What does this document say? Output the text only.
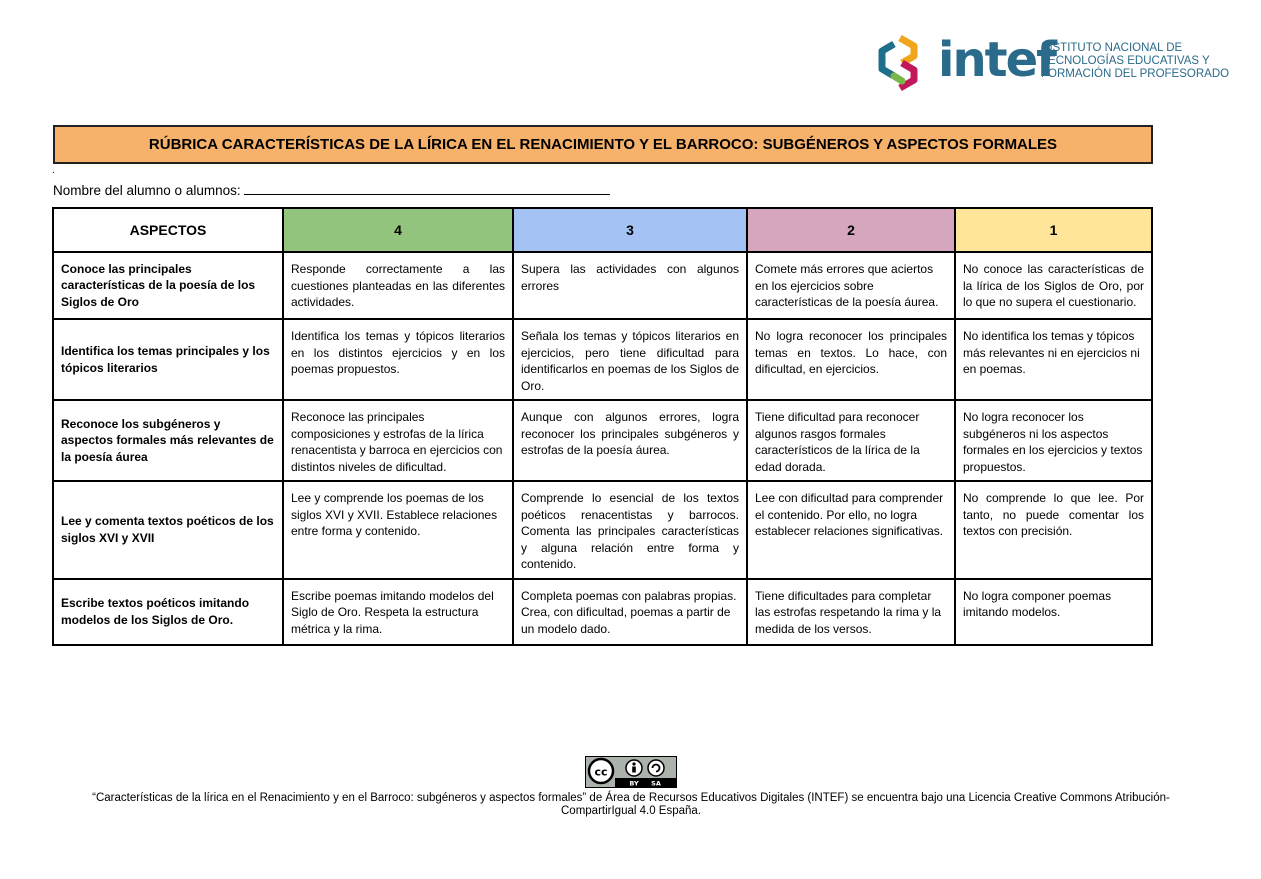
intef
INSTITUTO NACIONAL DE
TECNOLOGÍAS EDUCATIVAS Y
FORMACIÓN DEL PROFESORADO
RÚBRICA CARACTERÍSTICAS DE LA LÍRICA EN EL RENACIMIENTO Y EL BARROCO: SUBGÉNEROS Y ASPECTOS FORMALES
.
Nombre del alumno o alumnos:
ASPECTOS	4	3	2	1
Conoce las principales características de la poesía de los Siglos de Oro	Responde correctamente a las cuestiones planteadas en las diferentes actividades.	Supera las actividades con algunos errores	Comete más errores que aciertos en los ejercicios sobre características de la poesía áurea.	No conoce las características de la lírica de los Siglos de Oro, por lo que no supera el cuestionario.
Identifica los temas principales y los tópicos literarios	Identifica los temas y tópicos literarios en los distintos ejercicios y en los poemas propuestos.	Señala los temas y tópicos literarios en ejercicios, pero tiene dificultad para identificarlos en poemas de los Siglos de Oro.	No logra reconocer los principales temas en textos. Lo hace, con dificultad, en ejercicios.	No identifica los temas y tópicos más relevantes ni en ejercicios ni en poemas.
Reconoce los subgéneros y aspectos formales más relevantes de la poesía áurea	Reconoce las principales composiciones y estrofas de la lírica renacentista y barroca en ejercicios con distintos niveles de dificultad.	Aunque con algunos errores, logra reconocer los principales subgéneros y estrofas de la poesía áurea.	Tiene dificultad para reconocer algunos rasgos formales característicos de la lírica de la edad dorada.	No logra reconocer los subgéneros ni los aspectos formales en los ejercicios y textos propuestos.
Lee y comenta textos poéticos de los siglos XVI y XVII	Lee y comprende los poemas de los siglos XVI y XVII. Establece relaciones entre forma y contenido.	Comprende lo esencial de los textos poéticos renacentistas y barrocos. Comenta las principales características y alguna relación entre forma y contenido.	Lee con dificultad para comprender el contenido. Por ello, no logra establecer relaciones significativas.	No comprende lo que lee. Por tanto, no puede comentar los textos con precisión.
Escribe textos poéticos imitando modelos de los Siglos de Oro.	Escribe poemas imitando modelos del Siglo de Oro. Respeta la estructura métrica y la rima.	Completa poemas con palabras propias. Crea, con dificultad, poemas a partir de un modelo dado.	Tiene dificultades para completar las estrofas respetando la rima y la medida de los versos.	No logra componer poemas imitando modelos.
cc
BY SA
“Características de la lírica en el Renacimiento y en el Barroco: subgéneros y aspectos formales” de Área de Recursos Educativos Digitales (INTEF) se encuentra bajo una Licencia Creative Commons Atribución-CompartirIgual 4.0 España.
